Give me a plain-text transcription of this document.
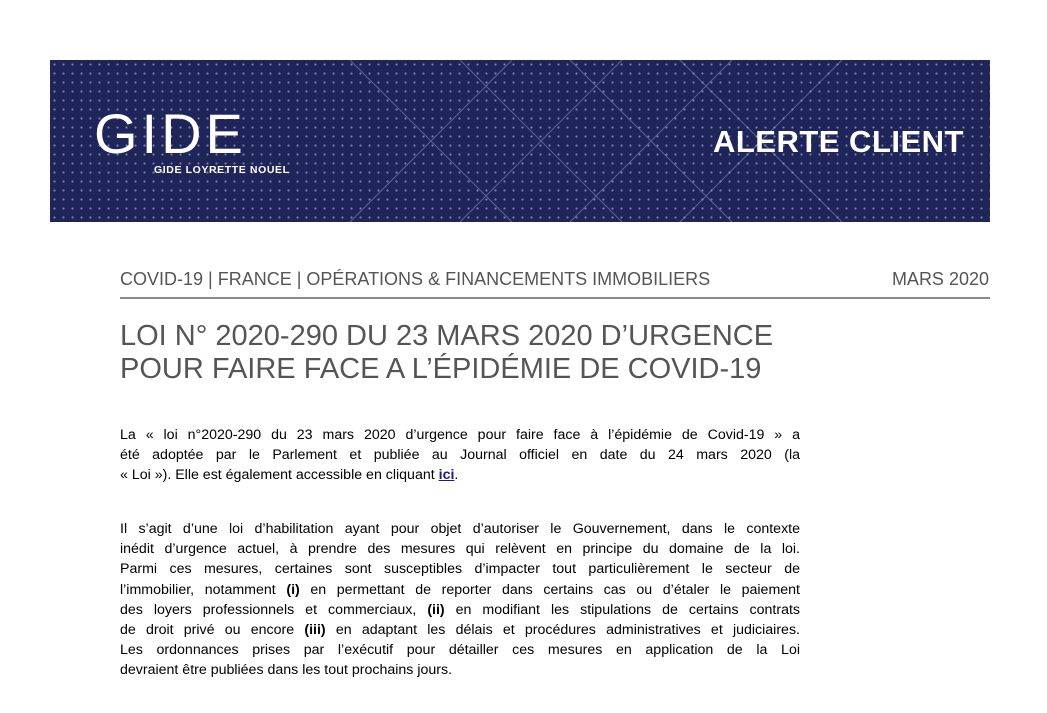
GIDE
GIDE LOYRETTE NOUEL
ALERTE CLIENT
COVID-19 | FRANCE | OPÉRATIONS & FINANCEMENTS IMMOBILIERS	MARS 2020
LOI N° 2020-290 DU 23 MARS 2020 D’URGENCE
POUR FAIRE FACE A L’ÉPIDÉMIE DE COVID-19
La « loi n°2020-290 du 23 mars 2020 d’urgence pour faire face à l’épidémie de Covid-19 » a
été adoptée par le Parlement et publiée au Journal officiel en date du 24 mars 2020 (la
« Loi »). Elle est également accessible en cliquant ici.
Il s’agit d’une loi d’habilitation ayant pour objet d’autoriser le Gouvernement, dans le contexte
inédit d’urgence actuel, à prendre des mesures qui relèvent en principe du domaine de la loi.
Parmi ces mesures, certaines sont susceptibles d’impacter tout particulièrement le secteur de
l’immobilier, notamment (i) en permettant de reporter dans certains cas ou d’étaler le paiement
des loyers professionnels et commerciaux, (ii) en modifiant les stipulations de certains contrats
de droit privé ou encore (iii) en adaptant les délais et procédures administratives et judiciaires.
Les ordonnances prises par l’exécutif pour détailler ces mesures en application de la Loi
devraient être publiées dans les tout prochains jours.
